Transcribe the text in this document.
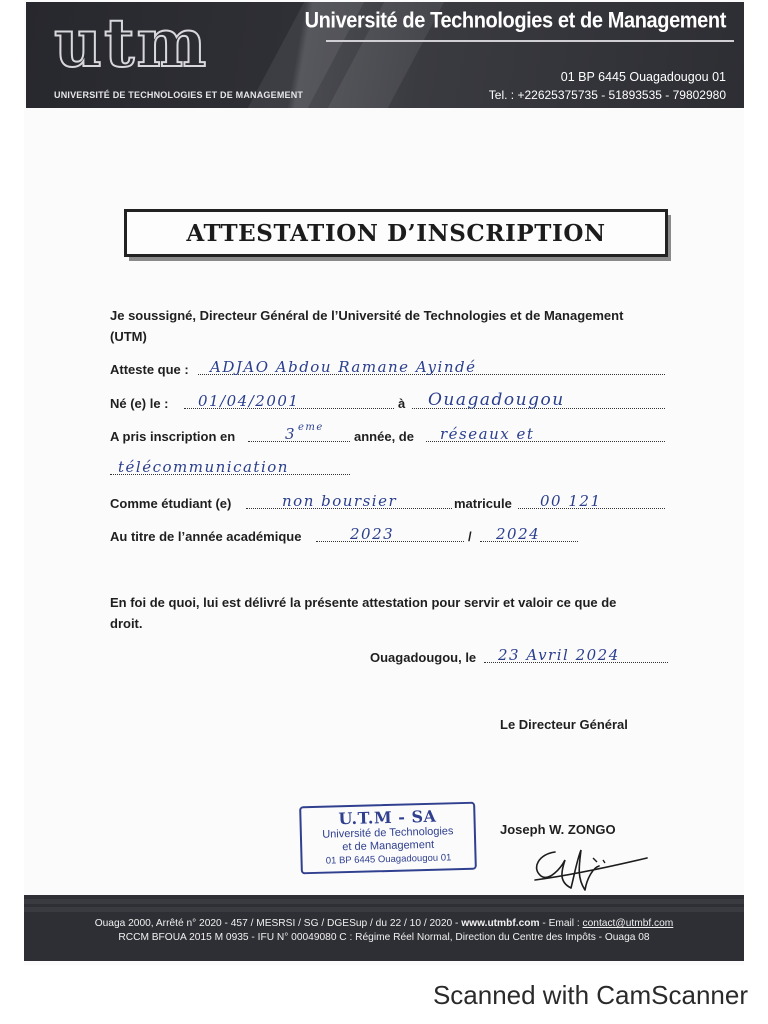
utm
UNIVERSITÉ DE TECHNOLOGIES ET DE MANAGEMENT
Université de Technologies et de Management
01 BP 6445 Ouagadougou 01
Tel. : +22625375735 - 51893535 - 79802980
ATTESTATION D’INSCRIPTION
Je soussigné, Directeur Général de l’Université de Technologies et de Management
(UTM)
Atteste que : ADJAO Abdou Ramane Ayindé
Né (e) le : 01/04/2001	à Ouagadougou
A pris inscription en	3 eme
année, de réseaux et
télécommunication
Comme étudiant (e)	non boursier	matricule 00 121
Au titre de l’année académique	2023	/ 2024
En foi de quoi, lui est délivré la présente attestation pour servir et valoir ce que de
droit.
Ouagadougou, le 23 Avril 2024
Le Directeur Général
U.T.M - SA
Université de Technologies
et de Management
01 BP 6445 Ouagadougou 01
Joseph W. ZONGO
Ouaga 2000, Arrêté n° 2020 - 457 / MESRSI / SG / DGESup / du 22 / 10 / 2020 - www.utmbf.com - Email : contact@utmbf.com
RCCM BFOUA 2015 M 0935 - IFU N° 00049080 C : Régime Réel Normal, Direction du Centre des Impôts - Ouaga 08
Scanned with CamScanner
